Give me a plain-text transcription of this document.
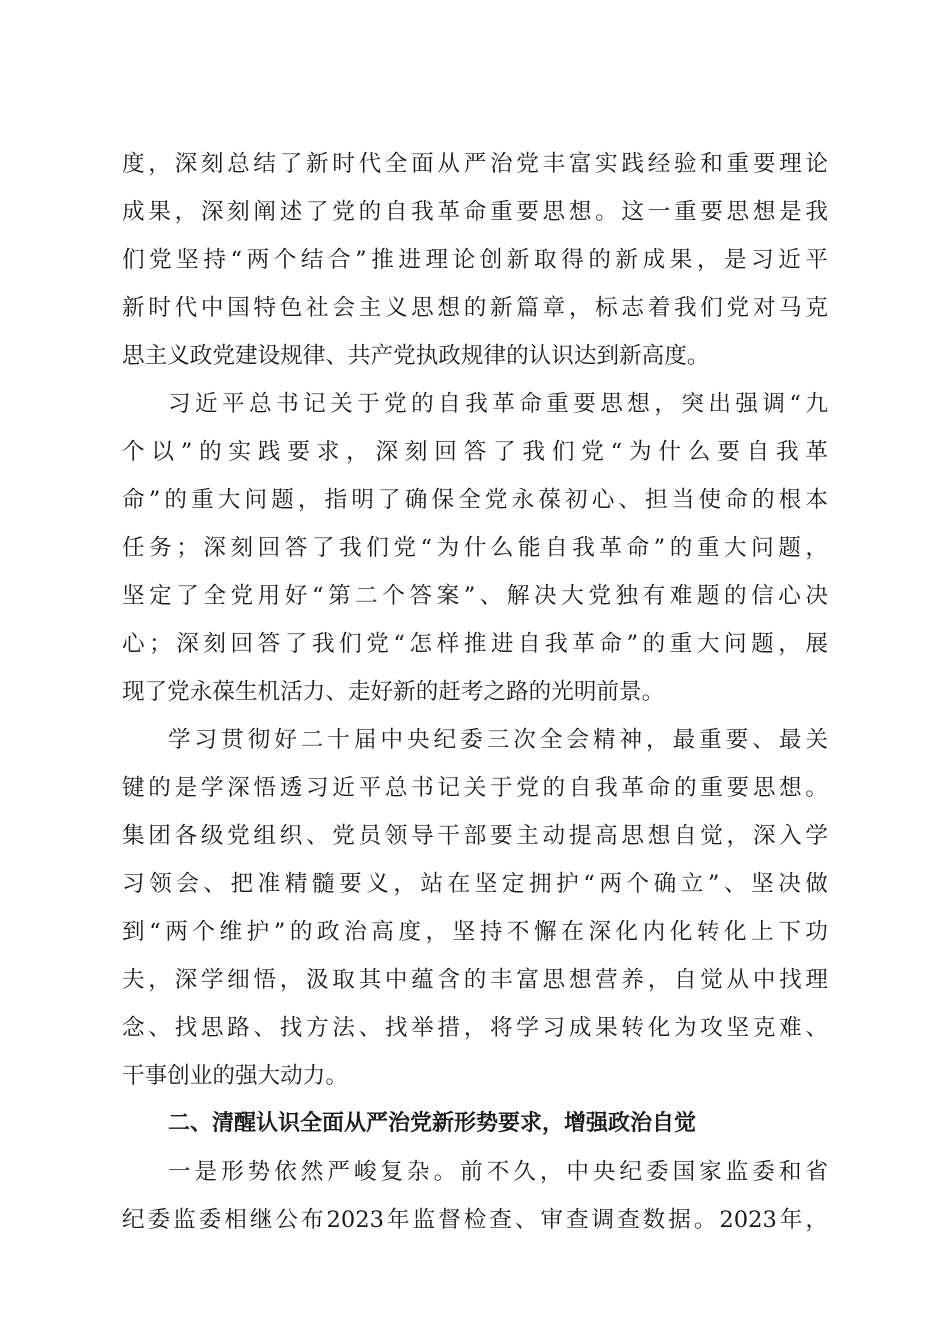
度，深刻总结了新时代全面从严治党丰富实践经验和重要理论
成果，深刻阐述了党的自我革命重要思想。这一重要思想是我
们党坚持“两个结合”推进理论创新取得的新成果，是习近平
新时代中国特色社会主义思想的新篇章，标志着我们党对马克
思主义政党建设规律、共产党执政规律的认识达到新高度。
习近平总书记关于党的自我革命重要思想，突出强调“九
个以”的实践要求，深刻回答了我们党“为什么要自我革
命”的重大问题，指明了确保全党永葆初心、担当使命的根本
任务；深刻回答了我们党“为什么能自我革命”的重大问题，
坚定了全党用好“第二个答案”、解决大党独有难题的信心决
心；深刻回答了我们党“怎样推进自我革命”的重大问题，展
现了党永葆生机活力、走好新的赶考之路的光明前景。
学习贯彻好二十届中央纪委三次全会精神，最重要、最关
键的是学深悟透习近平总书记关于党的自我革命的重要思想。
集团各级党组织、党员领导干部要主动提高思想自觉，深入学
习领会、把准精髓要义，站在坚定拥护“两个确立”、坚决做
到“两个维护”的政治高度，坚持不懈在深化内化转化上下功
夫，深学细悟，汲取其中蕴含的丰富思想营养，自觉从中找理
念、找思路、找方法、找举措，将学习成果转化为攻坚克难、
干事创业的强大动力。
二、清醒认识全面从严治党新形势要求，增强政治自觉
一是形势依然严峻复杂。前不久，中央纪委国家监委和省
纪委监委相继公布2023年监督检查、审查调查数据。2023年，
